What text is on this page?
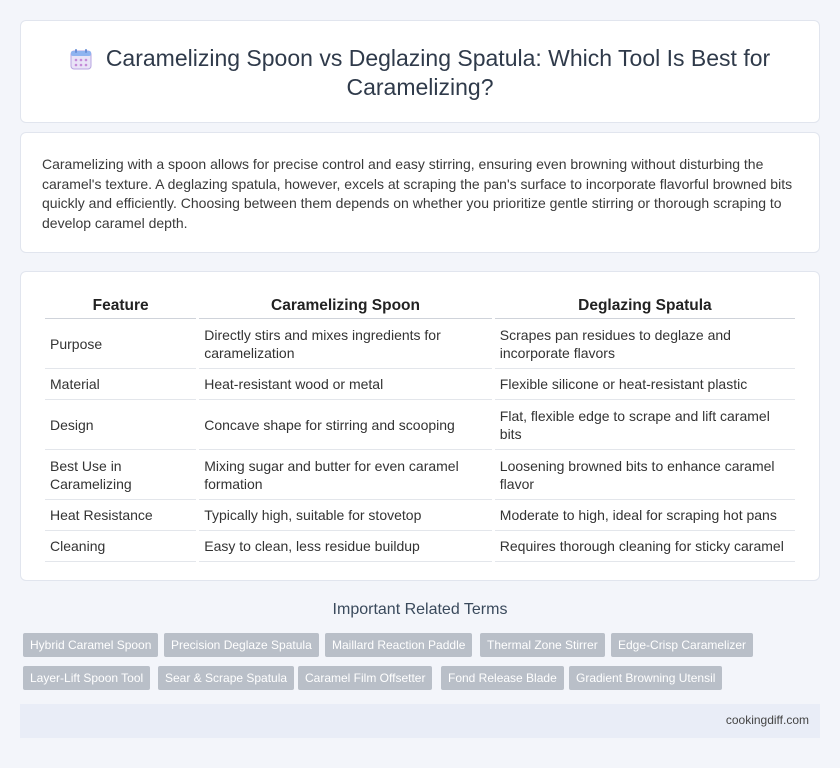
Caramelizing Spoon vs Deglazing Spatula: Which Tool Is Best for Caramelizing?

Caramelizing with a spoon allows for precise control and easy stirring, ensuring even browning without disturbing the caramel's texture. A deglazing spatula, however, excels at scraping the pan's surface to incorporate flavorful browned bits quickly and efficiently. Choosing between them depends on whether you prioritize gentle stirring or thorough scraping to develop caramel depth.

Feature	Caramelizing Spoon	Deglazing Spatula
Purpose	Directly stirs and mixes ingredients for caramelization	Scrapes pan residues to deglaze and incorporate flavors
Material	Heat-resistant wood or metal	Flexible silicone or heat-resistant plastic
Design	Concave shape for stirring and scooping	Flat, flexible edge to scrape and lift caramel bits
Best Use in Caramelizing	Mixing sugar and butter for even caramel formation	Loosening browned bits to enhance caramel flavor
Heat Resistance	Typically high, suitable for stovetop	Moderate to high, ideal for scraping hot pans
Cleaning	Easy to clean, less residue buildup	Requires thorough cleaning for sticky caramel
Important Related Terms
Hybrid Caramel Spoon	Precision Deglaze Spatula	Maillard Reaction Paddle	Thermal Zone Stirrer	Edge-Crisp Caramelizer
Layer-Lift Spoon Tool	Sear & Scrape Spatula	Caramel Film Offsetter	Fond Release Blade	Gradient Browning Utensil
cookingdiff.com
